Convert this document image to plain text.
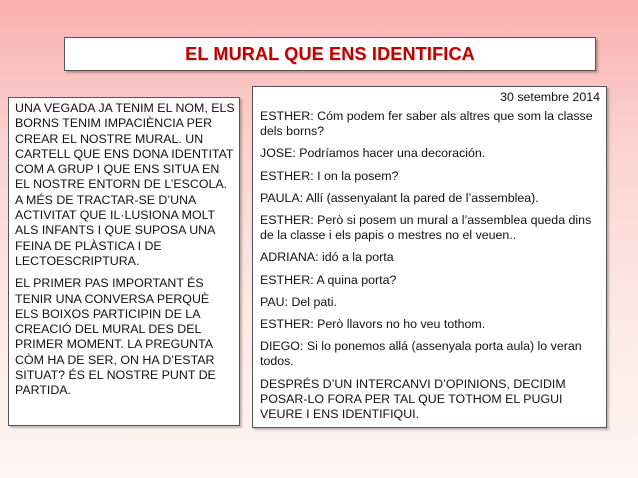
EL MURAL QUE ENS IDENTIFICA

UNA VEGADA JA TENIM EL NOM, ELS BORNS TENIM IMPACIÈNCIA PER CREAR EL NOSTRE MURAL. UN CARTELL QUE ENS DONA IDENTITAT COM A GRUP I QUE ENS SITUA EN EL NOSTRE ENTORN DE L’ESCOLA. A MÉS DE TRACTAR-SE D’UNA ACTIVITAT QUE IL·LUSIONA MOLT ALS INFANTS I QUE SUPOSA UNA FEINA DE PLÀSTICA I DE LECTOESCRIPTURA.

EL PRIMER PAS IMPORTANT ÉS TENIR UNA CONVERSA PERQUÈ ELS BOIXOS PARTICIPIN DE LA CREACIÓ DEL MURAL DES DEL PRIMER MOMENT. LA PREGUNTA CÒM HA DE SER, ON HA D’ESTAR SITUAT? ÉS EL NOSTRE PUNT DE PARTIDA.

30 setembre 2014

ESTHER: Cóm podem fer saber als altres que som la classe dels borns?

JOSE: Podríamos hacer una decoración.

ESTHER: I on la posem?

PAULA: Allí (assenyalant la pared de l’assemblea).

ESTHER: Però si posem un mural a l’assemblea queda dins de la classe i els papis o mestres no el veuen..

ADRIANA: idó a la porta

ESTHER: A quina porta?

PAU: Del pati.

ESTHER: Però llavors no ho veu tothom.

DIEGO: Si lo ponemos allá (assenyala porta aula) lo veran todos.

DESPRÉS D’UN INTERCANVI D’OPINIONS, DECIDIM POSAR-LO FORA PER TAL QUE TOTHOM EL PUGUI VEURE I ENS IDENTIFIQUI.
